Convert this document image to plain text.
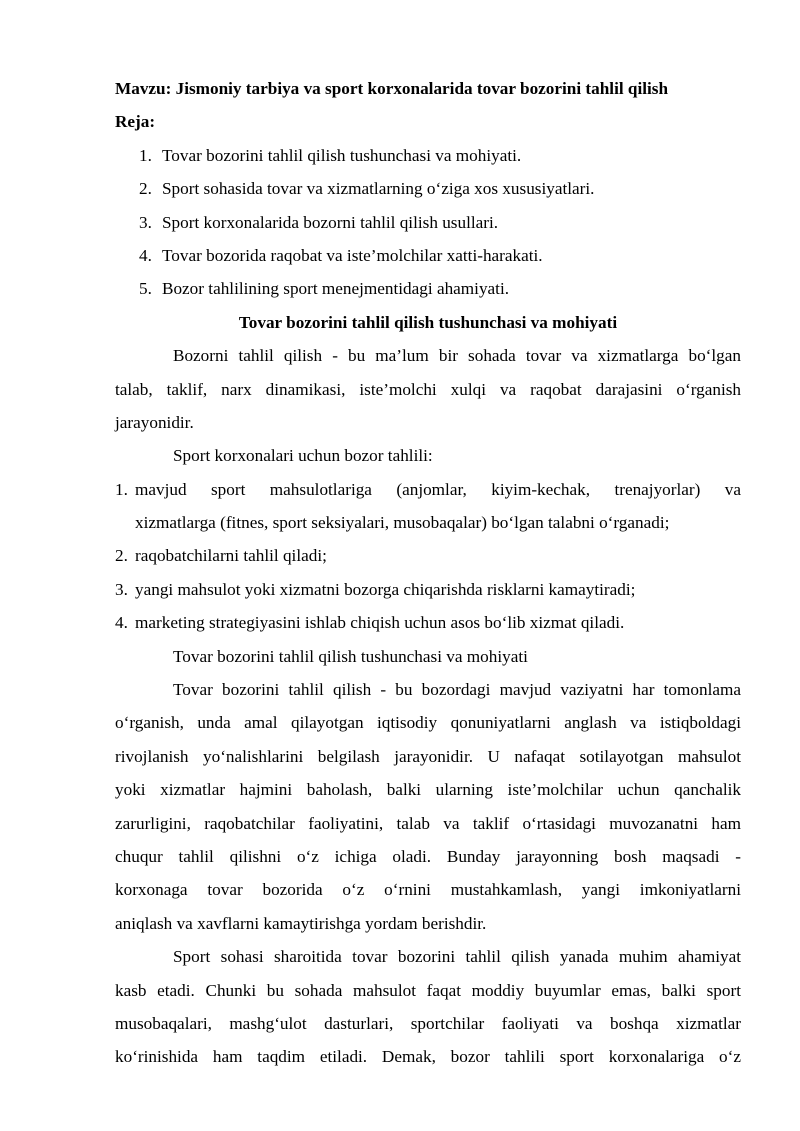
Mavzu: Jismoniy tarbiya va sport korxonalarida tovar bozorini tahlil qilish
Reja:
1. Tovar bozorini tahlil qilish tushunchasi va mohiyati.
2. Sport sohasida tovar va xizmatlarning o‘ziga xos xususiyatlari.
3. Sport korxonalarida bozorni tahlil qilish usullari.
4. Tovar bozorida raqobat va iste’molchilar xatti-harakati.
5. Bozor tahlilining sport menejmentidagi ahamiyati.
Tovar bozorini tahlil qilish tushunchasi va mohiyati
Bozorni tahlil qilish - bu ma’lum bir sohada tovar va xizmatlarga bo‘lgan
talab, taklif, narx dinamikasi, iste’molchi xulqi va raqobat darajasini o‘rganish
jarayonidir.
Sport korxonalari uchun bozor tahlili:
1. mavjud sport mahsulotlariga (anjomlar, kiyim-kechak, trenajyorlar) va
xizmatlarga (fitnes, sport seksiyalari, musobaqalar) bo‘lgan talabni o‘rganadi;
2. raqobatchilarni tahlil qiladi;
3. yangi mahsulot yoki xizmatni bozorga chiqarishda risklarni kamaytiradi;
4. marketing strategiyasini ishlab chiqish uchun asos bo‘lib xizmat qiladi.
Tovar bozorini tahlil qilish tushunchasi va mohiyati
Tovar bozorini tahlil qilish - bu bozordagi mavjud vaziyatni har tomonlama
o‘rganish, unda amal qilayotgan iqtisodiy qonuniyatlarni anglash va istiqboldagi
rivojlanish yo‘nalishlarini belgilash jarayonidir. U nafaqat sotilayotgan mahsulot
yoki xizmatlar hajmini baholash, balki ularning iste’molchilar uchun qanchalik
zarurligini, raqobatchilar faoliyatini, talab va taklif o‘rtasidagi muvozanatni ham
chuqur tahlil qilishni o‘z ichiga oladi. Bunday jarayonning bosh maqsadi -
korxonaga tovar bozorida o‘z o‘rnini mustahkamlash, yangi imkoniyatlarni
aniqlash va xavflarni kamaytirishga yordam berishdir.
Sport sohasi sharoitida tovar bozorini tahlil qilish yanada muhim ahamiyat
kasb etadi. Chunki bu sohada mahsulot faqat moddiy buyumlar emas, balki sport
musobaqalari, mashg‘ulot dasturlari, sportchilar faoliyati va boshqa xizmatlar
ko‘rinishida ham taqdim etiladi. Demak, bozor tahlili sport korxonalariga o‘z
